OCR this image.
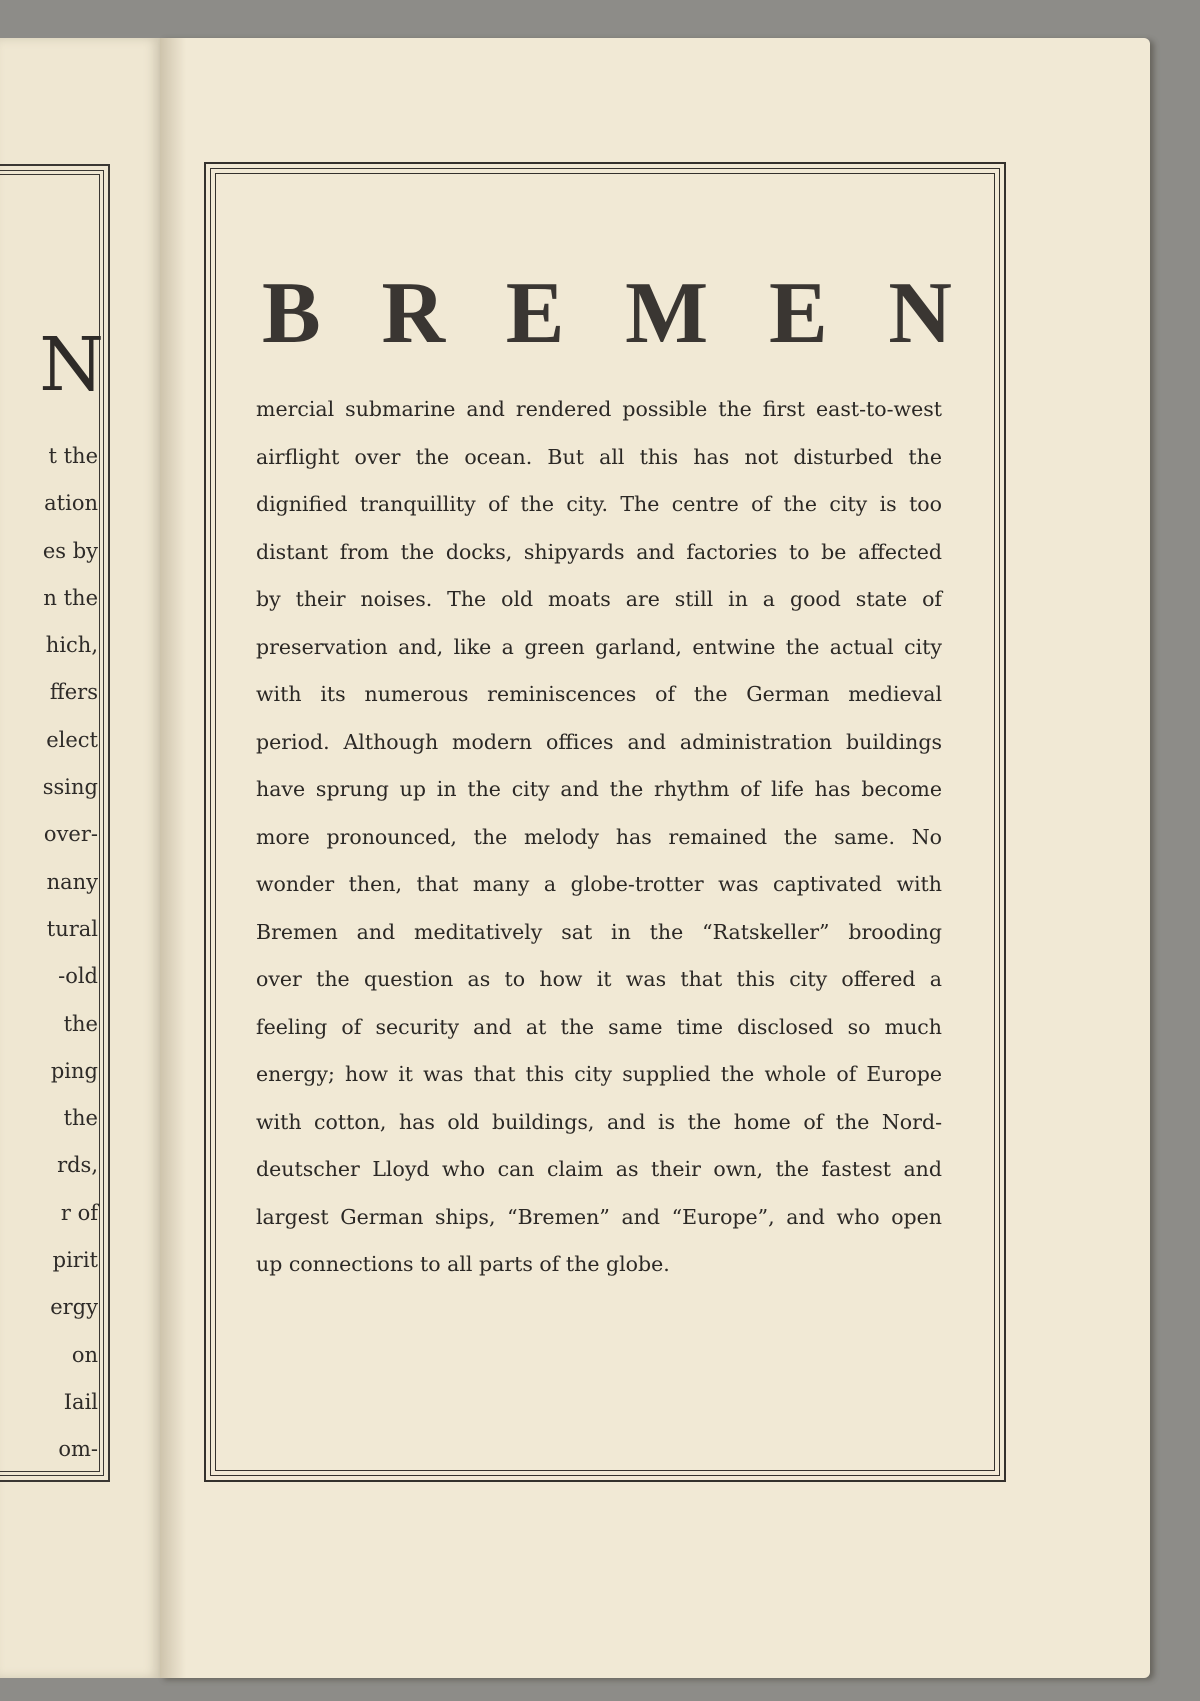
N
t the
ation
es by
n the
hich,
ffers
elect
ssing
over-
nany
tural
-old
the
ping
the
rds,
r of
pirit
ergy
on
Iail
om-
B R E M E N
mercial submarine and rendered possible the first east-to-west
airflight over the ocean. But all this has not disturbed the
dignified tranquillity of the city. The centre of the city is too
distant from the docks, shipyards and factories to be affected
by their noises. The old moats are still in a good state of
preservation and, like a green garland, entwine the actual city
with its numerous reminiscences of the German medieval
period. Although modern offices and administration buildings
have sprung up in the city and the rhythm of life has become
more pronounced, the melody has remained the same. No
wonder then, that many a globe-trotter was captivated with
Bremen and meditatively sat in the “Ratskeller” brooding
over the question as to how it was that this city offered a
feeling of security and at the same time disclosed so much
energy; how it was that this city supplied the whole of Europe
with cotton, has old buildings, and is the home of the Nord-
deutscher Lloyd who can claim as their own, the fastest and
largest German ships, “Bremen” and “Europe”, and who open
up connections to all parts of the globe.
